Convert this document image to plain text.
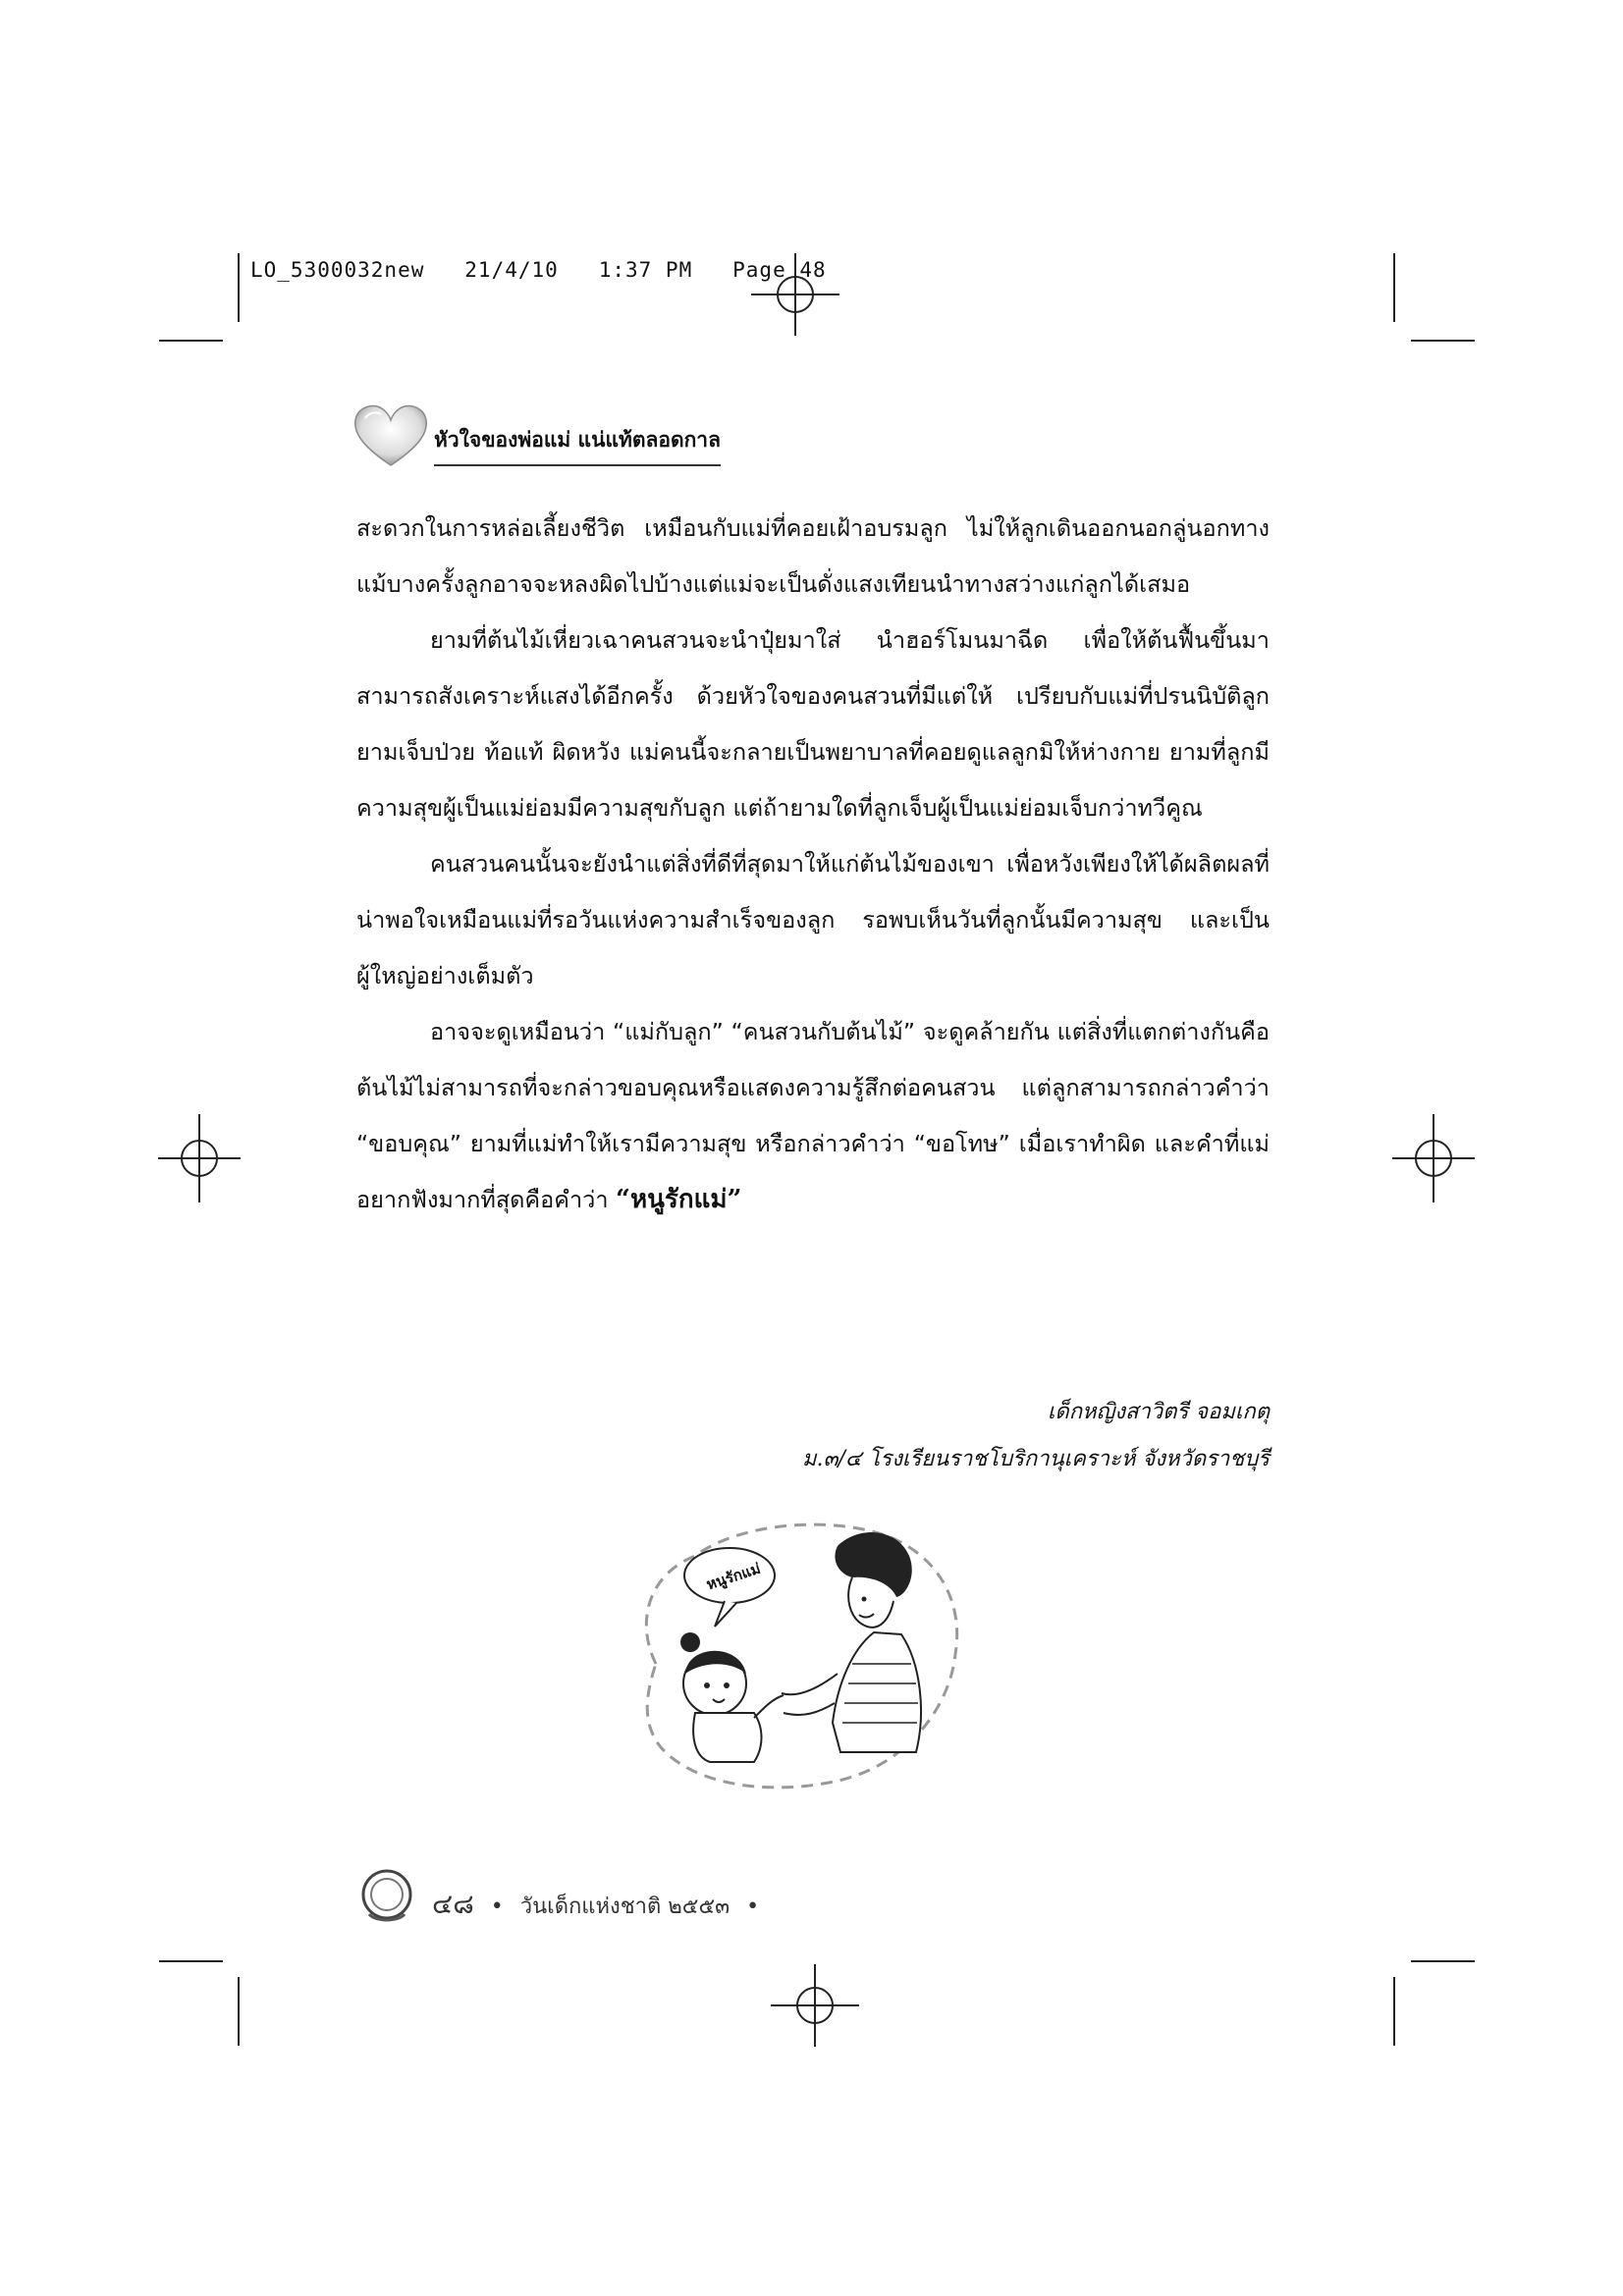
LO_5300032new   21/4/10   1:37 PM   Page 48
หัวใจของพ่อแม่ แน่แท้ตลอดกาล

สะดวกในการหล่อเลี้ยงชีวิต เหมือนกับแม่ที่คอยเฝ้าอบรมลูก ไม่ให้ลูกเดินออกนอกลู่นอกทาง แม้บางครั้งลูกอาจจะหลงผิดไปบ้างแต่แม่จะเป็นดั่งแสงเทียนนำทางสว่างแก่ลูกได้เสมอ

ยามที่ต้นไม้เหี่ยวเฉาคนสวนจะนำปุ๋ยมาใส่ นำฮอร์โมนมาฉีด เพื่อให้ต้นฟื้นขึ้นมาสามารถสังเคราะห์แสงได้อีกครั้ง ด้วยหัวใจของคนสวนที่มีแต่ให้ เปรียบกับแม่ที่ปรนนิบัติลูกยามเจ็บป่วย ท้อแท้ ผิดหวัง แม่คนนี้จะกลายเป็นพยาบาลที่คอยดูแลลูกมิให้ห่างกาย ยามที่ลูกมีความสุขผู้เป็นแม่ย่อมมีความสุขกับลูก แต่ถ้ายามใดที่ลูกเจ็บผู้เป็นแม่ย่อมเจ็บกว่าทวีคูณ

คนสวนคนนั้นจะยังนำแต่สิ่งที่ดีที่สุดมาให้แก่ต้นไม้ของเขา เพื่อหวังเพียงให้ได้ผลิตผลที่น่าพอใจเหมือนแม่ที่รอวันแห่งความสำเร็จของลูก รอพบเห็นวันที่ลูกนั้นมีความสุข และเป็นผู้ใหญ่อย่างเต็มตัว

อาจจะดูเหมือนว่า “แม่กับลูก” “คนสวนกับต้นไม้” จะดูคล้ายกัน แต่สิ่งที่แตกต่างกันคือ ต้นไม้ไม่สามารถที่จะกล่าวขอบคุณหรือแสดงความรู้สึกต่อคนสวน แต่ลูกสามารถกล่าวคำว่า “ขอบคุณ” ยามที่แม่ทำให้เรามีความสุข หรือกล่าวคำว่า “ขอโทษ” เมื่อเราทำผิด และคำที่แม่อยากฟังมากที่สุดคือคำว่า “หนูรักแม่”

เด็กหญิงสาวิตรี จอมเกตุ
ม.๓/๔ โรงเรียนราชโบริกานุเคราะห์ จังหวัดราชบุรี
หนูรักแม่
๔๘ • วันเด็กแห่งชาติ ๒๕๕๓ •
